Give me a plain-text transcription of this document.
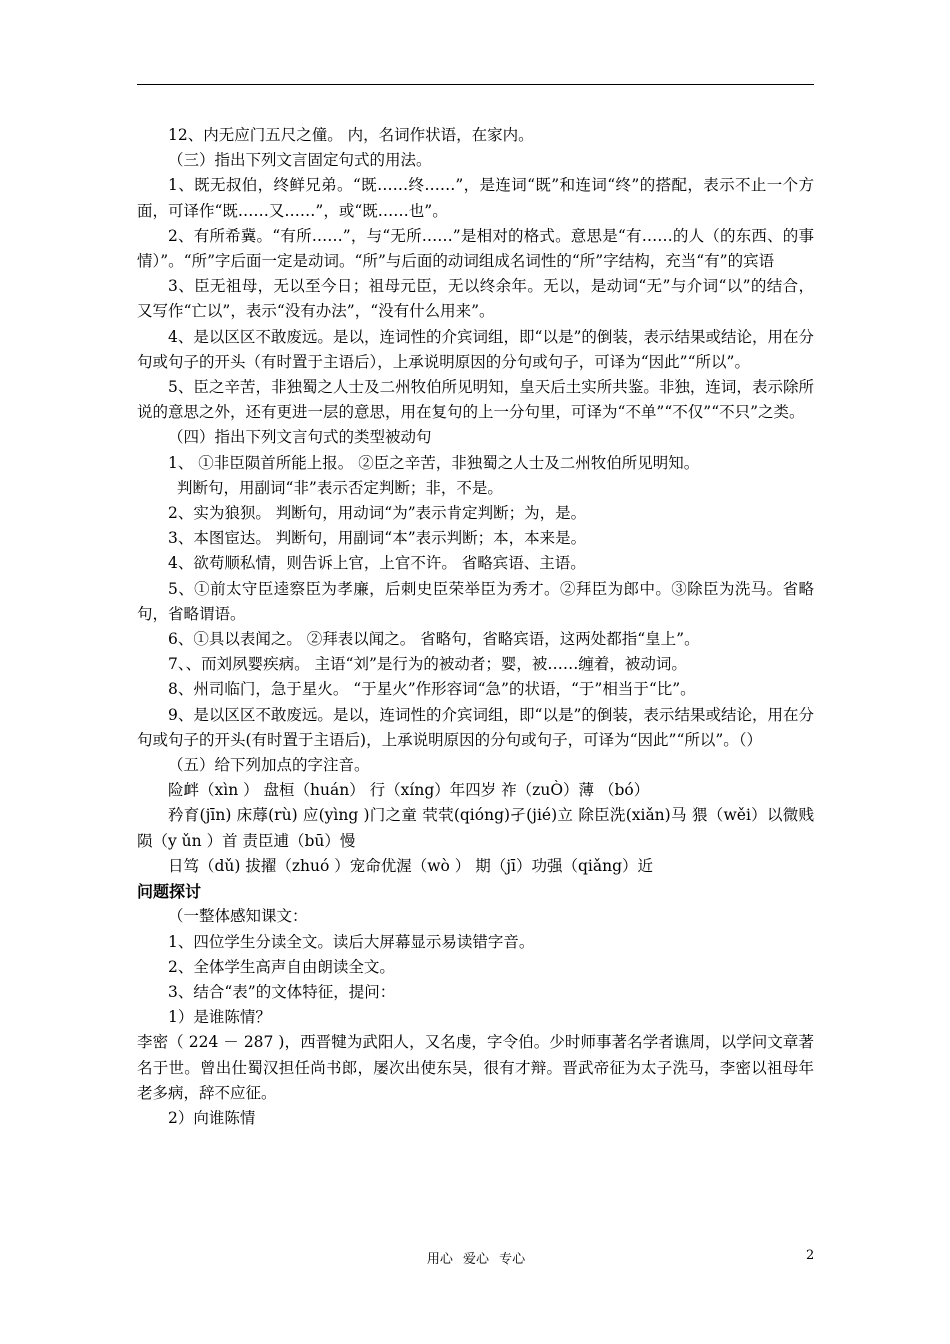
12、内无应门五尺之僮。 内，名词作状语，在家内。

（三）指出下列文言固定句式的用法。

1、既无叔伯，终鲜兄弟。“既……终……”，是连词“既”和连词“终”的搭配，表示不止一个方面，可译作“既……又……”，或“既……也”。

2、有所希冀。“有所……”，与“无所……”是相对的格式。意思是“有……的人（的东西、的事情）”。“所”字后面一定是动词。“所”与后面的动词组成名词性的“所”字结构，充当“有”的宾语

3、臣无祖母，无以至今日；祖母元臣，无以终余年。无以，是动词“无”与介词“以”的结合，又写作“亡以”，表示“没有办法”，“没有什么用来”。

4、是以区区不敢废远。是以，连词性的介宾词组，即“以是”的倒装，表示结果或结论，用在分句或句子的开头（有时置于主语后），上承说明原因的分句或句子，可译为“因此”“所以”。

5、臣之辛苦，非独蜀之人士及二州牧伯所见明知，皇天后土实所共鉴。非独，连词，表示除所说的意思之外，还有更进一层的意思，用在复句的上一分句里，可译为“不单”“不仅”“不只”之类。

（四）指出下列文言句式的类型被动句

1、 ①非臣陨首所能上报。 ②臣之辛苦，非独蜀之人士及二州牧伯所见明知。

判断句，用副词“非”表示否定判断；非，不是。

2、实为狼狈。 判断句，用动词“为”表示肯定判断；为，是。

3、本图宦达。 判断句，用副词“本”表示判断；本，本来是。

4、欲苟顺私情，则告诉上官，上官不许。 省略宾语、主语。

5、①前太守臣逵察臣为孝廉，后刺史臣荣举臣为秀才。②拜臣为郎中。③除臣为洗马。省略句，省略谓语。

6、①具以表闻之。 ②拜表以闻之。 省略句，省略宾语，这两处都指“皇上”。

7、、而刘夙婴疾病。 主语“刘”是行为的被动者；婴，被……缠着，被动词。

8、州司临门，急于星火。 “于星火”作形容词“急”的状语，“于”相当于“比”。

9、是以区区不敢废远。是以，连词性的介宾词组，即“以是”的倒装，表示结果或结论，用在分句或句子的开头(有时置于主语后)，上承说明原因的分句或句子，可译为“因此”“所以”。（）

（五）给下列加点的字注音。

险衅（xìn ） 盘桓（huán） 行（xíng）年四岁 祚（zuÒ）薄 （bó）

矜育(jīn) 床蓐(rù) 应(yìng )门之童 茕茕(qióng)孑(jié)立 除臣洗(xiǎn)马 猥（wěi）以微贱 陨（y ǔn ）首 责臣逋（bū）慢

日笃（dǔ) 拔擢（zhuó ）宠命优渥（wò ） 期（jī）功强（qiǎng）近

问题探讨

（一整体感知课文：

1、四位学生分读全文。读后大屏幕显示易读错字音。

2、全体学生高声自由朗读全文。

3、结合“表”的文体特征，提问：

1）是谁陈情？

李密（ 224 － 287 )，西晋犍为武阳人，又名虔，字令伯。少时师事著名学者谯周，以学问文章著名于世。曾出仕蜀汉担任尚书郎，屡次出使东吴，很有才辩。晋武帝征为太子洗马，李密以祖母年老多病，辞不应征。

2）向谁陈情

用心 爱心 专心	2
